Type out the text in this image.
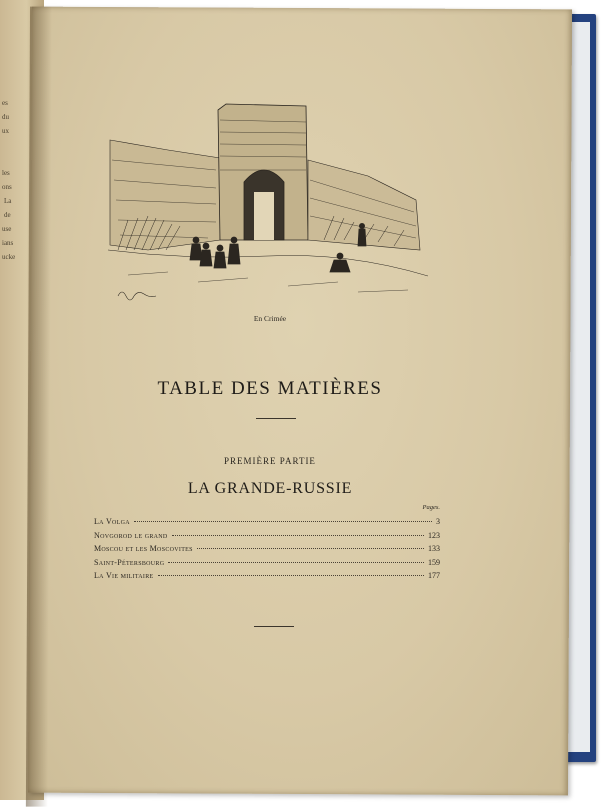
es
du
ux
les
ons
La
de
use
ians
ucke
En Crimée
TABLE DES MATIÈRES
PREMIÈRE PARTIE
LA GRANDE-RUSSIE
Pages.
La Volga	3
Novgorod le grand	123
Moscou et les Moscovites	133
Saint-Pétersbourg	159
La Vie militaire	177
